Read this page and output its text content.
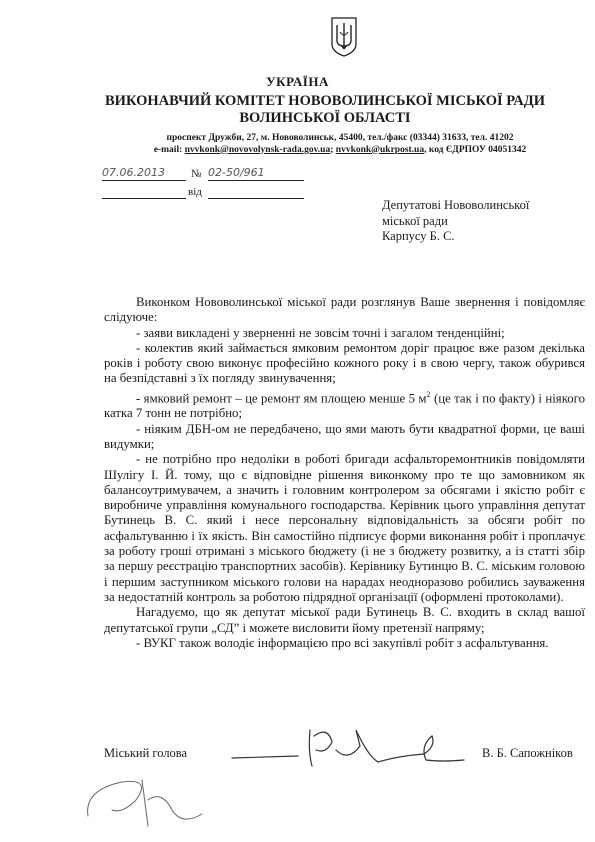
УКРАЇНА
ВИКОНАВЧИЙ КОМІТЕТ НОВОВОЛИНСЬКОЇ МІСЬКОЇ РАДИ
ВОЛИНСЬКОЇ ОБЛАСТІ
проспект Дружби, 27, м. Нововолинськ, 45400, тел./факс (03344) 31633, тел. 41202
e-mail: nvvkonk@novovolynsk-rada.gov.ua; nvvkonk@ukrpost.ua, код ЄДРПОУ 04051342
07.06.2013	№ 02-50/961
від
Депутатові Нововолинської
міської ради
Карпусу Б. С.

Виконком Нововолинської міської ради розглянув Ваше звернення і повідомляє слідуюче:

- заяви викладені у зверненні не зовсім точні і загалом тенденційні;

- колектив який займається ямковим ремонтом доріг працює вже разом декілька років і роботу свою виконує професійно кожного року і в свою чергу, також обурився на безпідставні з їх погляду звинувачення;

- ямковий ремонт – це ремонт ям площею менше 5 $м^2$ (це так і по факту) і ніякого катка 7 тонн не потрібно;

- ніяким ДБН-ом не передбачено, що ями мають бути квадратної форми, це ваші видумки;

- не потрібно про недоліки в роботі бригади асфальторемонтників повідомляти Шулігу І. Й. тому, що є відповідне рішення виконкому про те що замовником як балансоутримувачем, а значить і головним контролером за обсягами і якістю робіт є виробниче управління комунального господарства. Керівник цього управління депутат Бутинець В. С. який і несе персональну відповідальність за обсяги робіт по асфальтуванню і їх якість. Він самостійно підписує форми виконання робіт і проплачує за роботу гроші отримані з міського бюджету (і не з бюджету розвитку, а із статті збір за першу реєстрацію транспортних засобів). Керівнику Бутинцю В. С. міським головою і першим заступником міського голови на нарадах неодноразово робились зауваження за недостатній контроль за роботою підрядної організації (оформлені протоколами).

Нагадуємо, що як депутат міської ради Бутинець В. С. входить в склад вашої депутатської групи „СД” і можете висловити йому претензії напряму;

- ВУКГ також володіє інформацією про всі закупівлі робіт з асфальтування.

Міський голова	В. Б. Сапожніков
